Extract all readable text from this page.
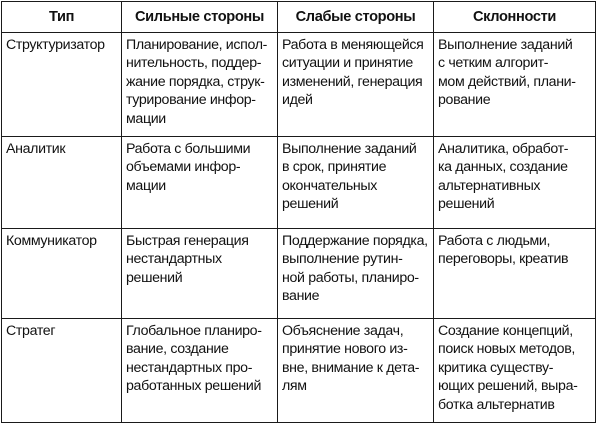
Тип	Сильные стороны	Слабые стороны	Склонности
Структуризатор	Планирование, испол-
нительность, поддер-
жание порядка, струк-
турирование инфор-
мации	Работа в меняющейся
ситуации и принятие
изменений, генерация
идей	Выполнение заданий
с четким алгорит-
мом действий, плани-
рование
Аналитик	Работа с большими
объемами инфор-
мации	Выполнение заданий
в срок, принятие
окончательных
решений	Аналитика, обработ-
ка данных, создание
альтернативных
решений
Коммуникатор	Быстрая генерация
нестандартных
решений	Поддержание порядка,
выполнение рутин-
ной работы, планиро-
вание	Работа с людьми,
переговоры, креатив
Стратег	Глобальное планиро-
вание, создание
нестандартных про-
работанных решений	Объяснение задач,
принятие нового из-
вне, внимание к дета-
лям	Создание концепций,
поиск новых методов,
критика существу-
ющих решений, выра-
ботка альтернатив
